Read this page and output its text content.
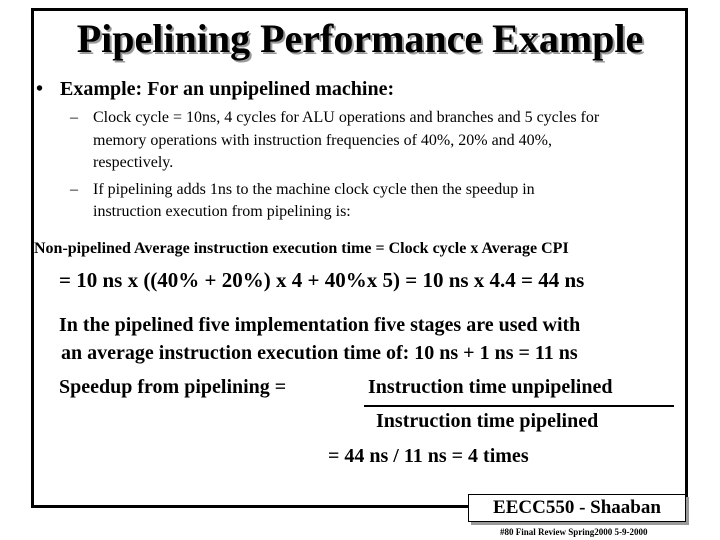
Pipelining Performance Example
• Example: For an unpipelined machine:
– Clock cycle = 10ns, 4 cycles for ALU operations and branches and 5 cycles for
memory operations with instruction frequencies of 40%, 20% and 40%,
respectively.
– If pipelining adds 1ns to the machine clock cycle then the speedup in
instruction execution from pipelining is:
Non-pipelined Average instruction execution time = Clock cycle x Average CPI
= 10 ns x ((40% + 20%) x 4 + 40%x 5) = 10 ns x 4.4 = 44 ns
In the pipelined five implementation five stages are used with
an average instruction execution time of: 10 ns + 1 ns = 11 ns
Speedup from pipelining =	Instruction time unpipelined
Instruction time pipelined
= 44 ns / 11 ns = 4 times
EECC550 - Shaaban
#80 Final Review Spring2000 5-9-2000
